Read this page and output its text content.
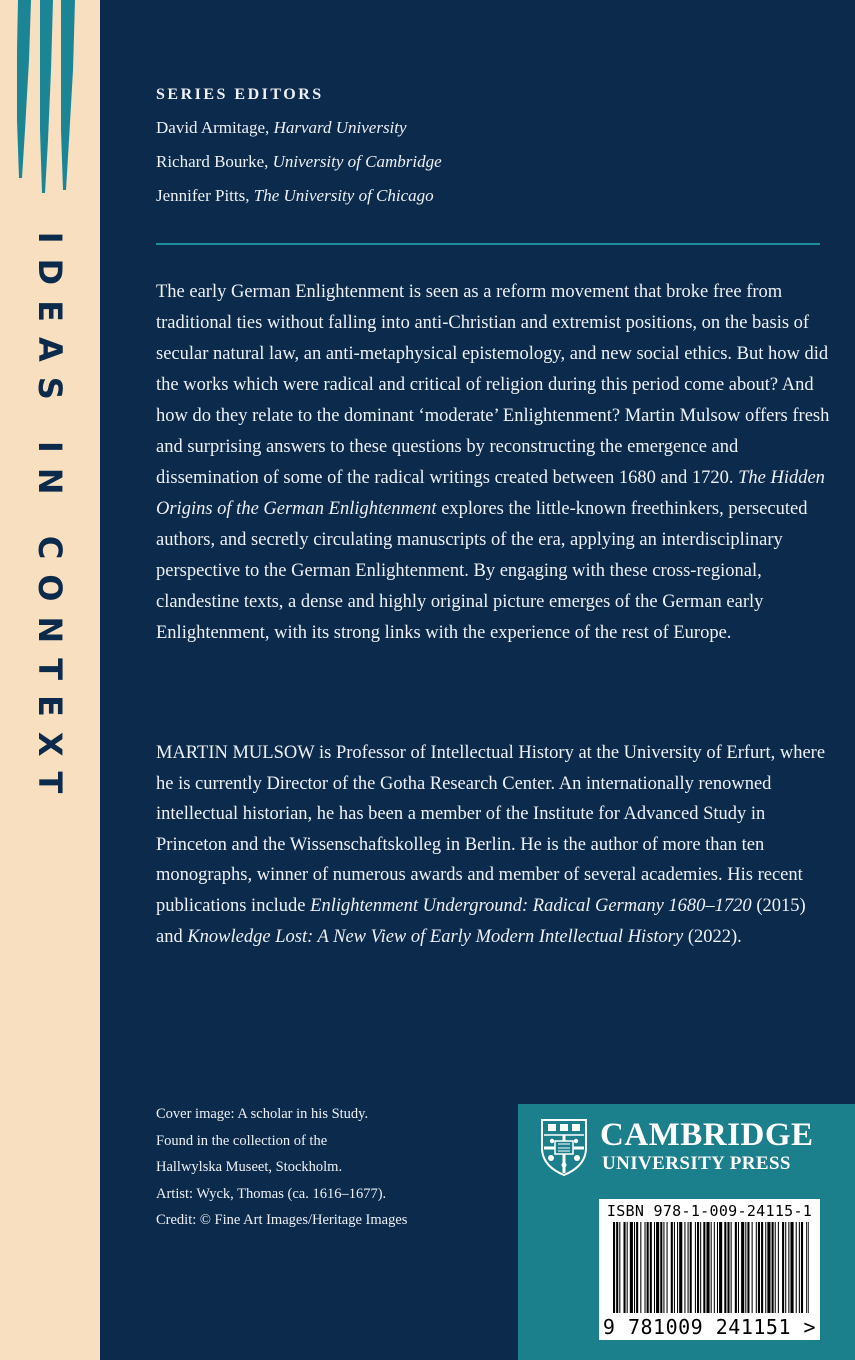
IDEAS IN CONTEXT
SERIES EDITORS
David Armitage, Harvard University
Richard Bourke, University of Cambridge
Jennifer Pitts, The University of Chicago

The early German Enlightenment is seen as a reform movement that broke free from traditional ties without falling into anti-Christian and extremist positions, on the basis of secular natural law, an anti-metaphysical epistemology, and new social ethics. But how did the works which were radical and critical of religion during this period come about? And how do they relate to the dominant ‘moderate’ Enlightenment? Martin Mulsow offers fresh and surprising answers to these questions by reconstructing the emergence and dissemination of some of the radical writings created between 1680 and 1720. The Hidden Origins of the German Enlightenment explores the little-known freethinkers, persecuted authors, and secretly circulating manuscripts of the era, applying an interdisciplinary perspective to the German Enlightenment. By engaging with these cross-regional, clandestine texts, a dense and highly original picture emerges of the German early Enlightenment, with its strong links with the experience of the rest of Europe.

MARTIN MULSOW is Professor of Intellectual History at the University of Erfurt, where he is currently Director of the Gotha Research Center. An internationally renowned intellectual historian, he has been a member of the Institute for Advanced Study in Princeton and the Wissenschaftskolleg in Berlin. He is the author of more than ten monographs, winner of numerous awards and member of several academies. His recent publications include Enlightenment Underground: Radical Germany 1680–1720 (2015) and Knowledge Lost: A New View of Early Modern Intellectual History (2022).

Cover image: A scholar in his Study.
Found in the collection of the
Hallwylska Museet, Stockholm.
Artist: Wyck, Thomas (ca. 1616–1677).
Credit: © Fine Art Images/Heritage Images
CAMBRIDGE
UNIVERSITY PRESS
ISBN 978-1-009-24115-1
9 781009 241151 >
